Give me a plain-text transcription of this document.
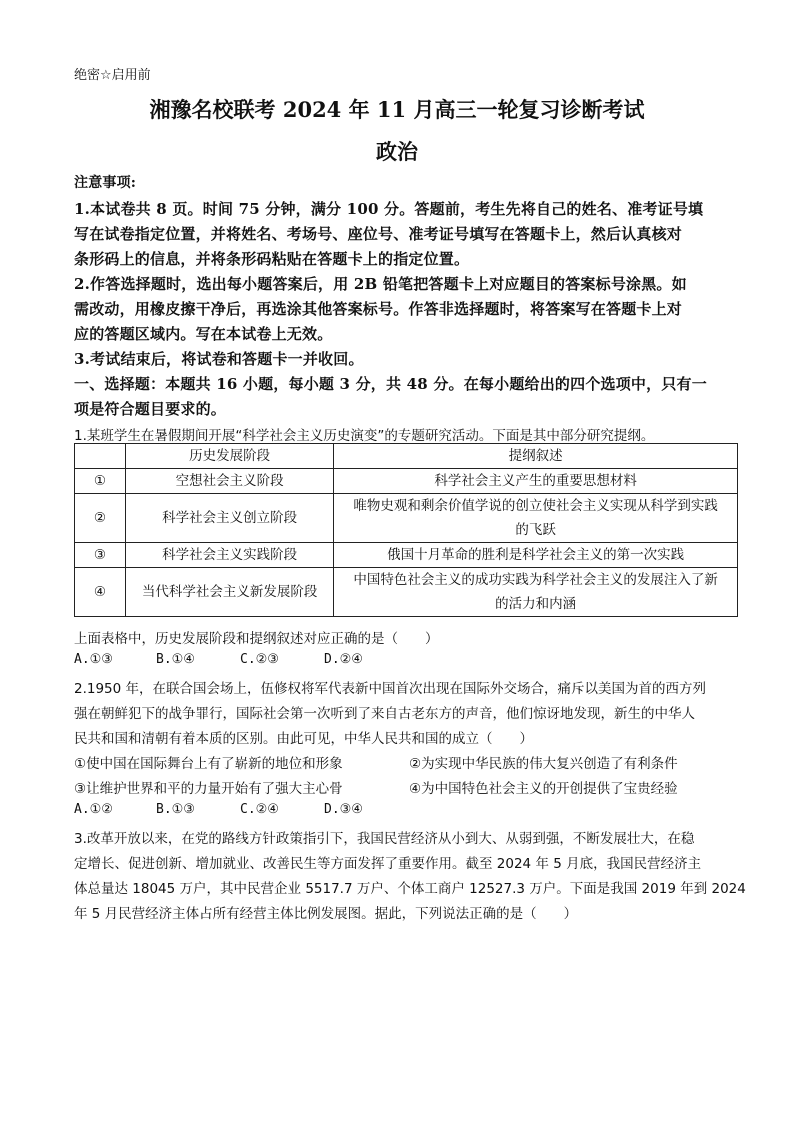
绝密☆启用前
湘豫名校联考 2024 年 11 月高三一轮复习诊断考试
政治
注意事项:
1.本试卷共 8 页。时间 75 分钟，满分 100 分。答题前，考生先将自己的姓名、准考证号填
写在试卷指定位置，并将姓名、考场号、座位号、准考证号填写在答题卡上，然后认真核对
条形码上的信息，并将条形码粘贴在答题卡上的指定位置。
2.作答选择题时，选出每小题答案后，用 2B 铅笔把答题卡上对应题目的答案标号涂黑。如
需改动，用橡皮擦干净后，再选涂其他答案标号。作答非选择题时，将答案写在答题卡上对
应的答题区域内。写在本试卷上无效。
3.考试结束后，将试卷和答题卡一并收回。
一、选择题：本题共 16 小题，每小题 3 分，共 48 分。在每小题给出的四个选项中，只有一
项是符合题目要求的。
1.某班学生在暑假期间开展“科学社会主义历史演变”的专题研究活动。下面是其中部分研究提纲。
	历史发展阶段	提纲叙述
①	空想社会主义阶段	科学社会主义产生的重要思想材料
②	科学社会主义创立阶段	唯物史观和剩余价值学说的创立使社会主义实现从科学到实践
的飞跃

③	科学社会主义实践阶段	俄国十月革命的胜利是科学社会主义的第一次实践
④	当代科学社会主义新发展阶段	中国特色社会主义的成功实践为科学社会主义的发展注入了新
的活力和内涵
上面表格中，历史发展阶段和提纲叙述对应正确的是（　　）
A.①③	B.①④	C.②③	D.②④
2.1950 年，在联合国会场上，伍修权将军代表新中国首次出现在国际外交场合，痛斥以美国为首的西方列
强在朝鲜犯下的战争罪行，国际社会第一次听到了来自古老东方的声音，他们惊讶地发现，新生的中华人
民共和国和清朝有着本质的区别。由此可见，中华人民共和国的成立（　　）
①使中国在国际舞台上有了崭新的地位和形象	②为实现中华民族的伟大复兴创造了有利条件
③让维护世界和平的力量开始有了强大主心骨	④为中国特色社会主义的开创提供了宝贵经验
A.①②	B.①③	C.②④	D.③④
3.改革开放以来，在党的路线方针政策指引下，我国民营经济从小到大、从弱到强，不断发展壮大，在稳
定增长、促进创新、增加就业、改善民生等方面发挥了重要作用。截至 2024 年 5 月底，我国民营经济主
体总量达 18045 万户，其中民营企业 5517.7 万户、个体工商户 12527.3 万户。下面是我国 2019 年到 2024
年 5 月民营经济主体占所有经营主体比例发展图。据此，下列说法正确的是（　　）
